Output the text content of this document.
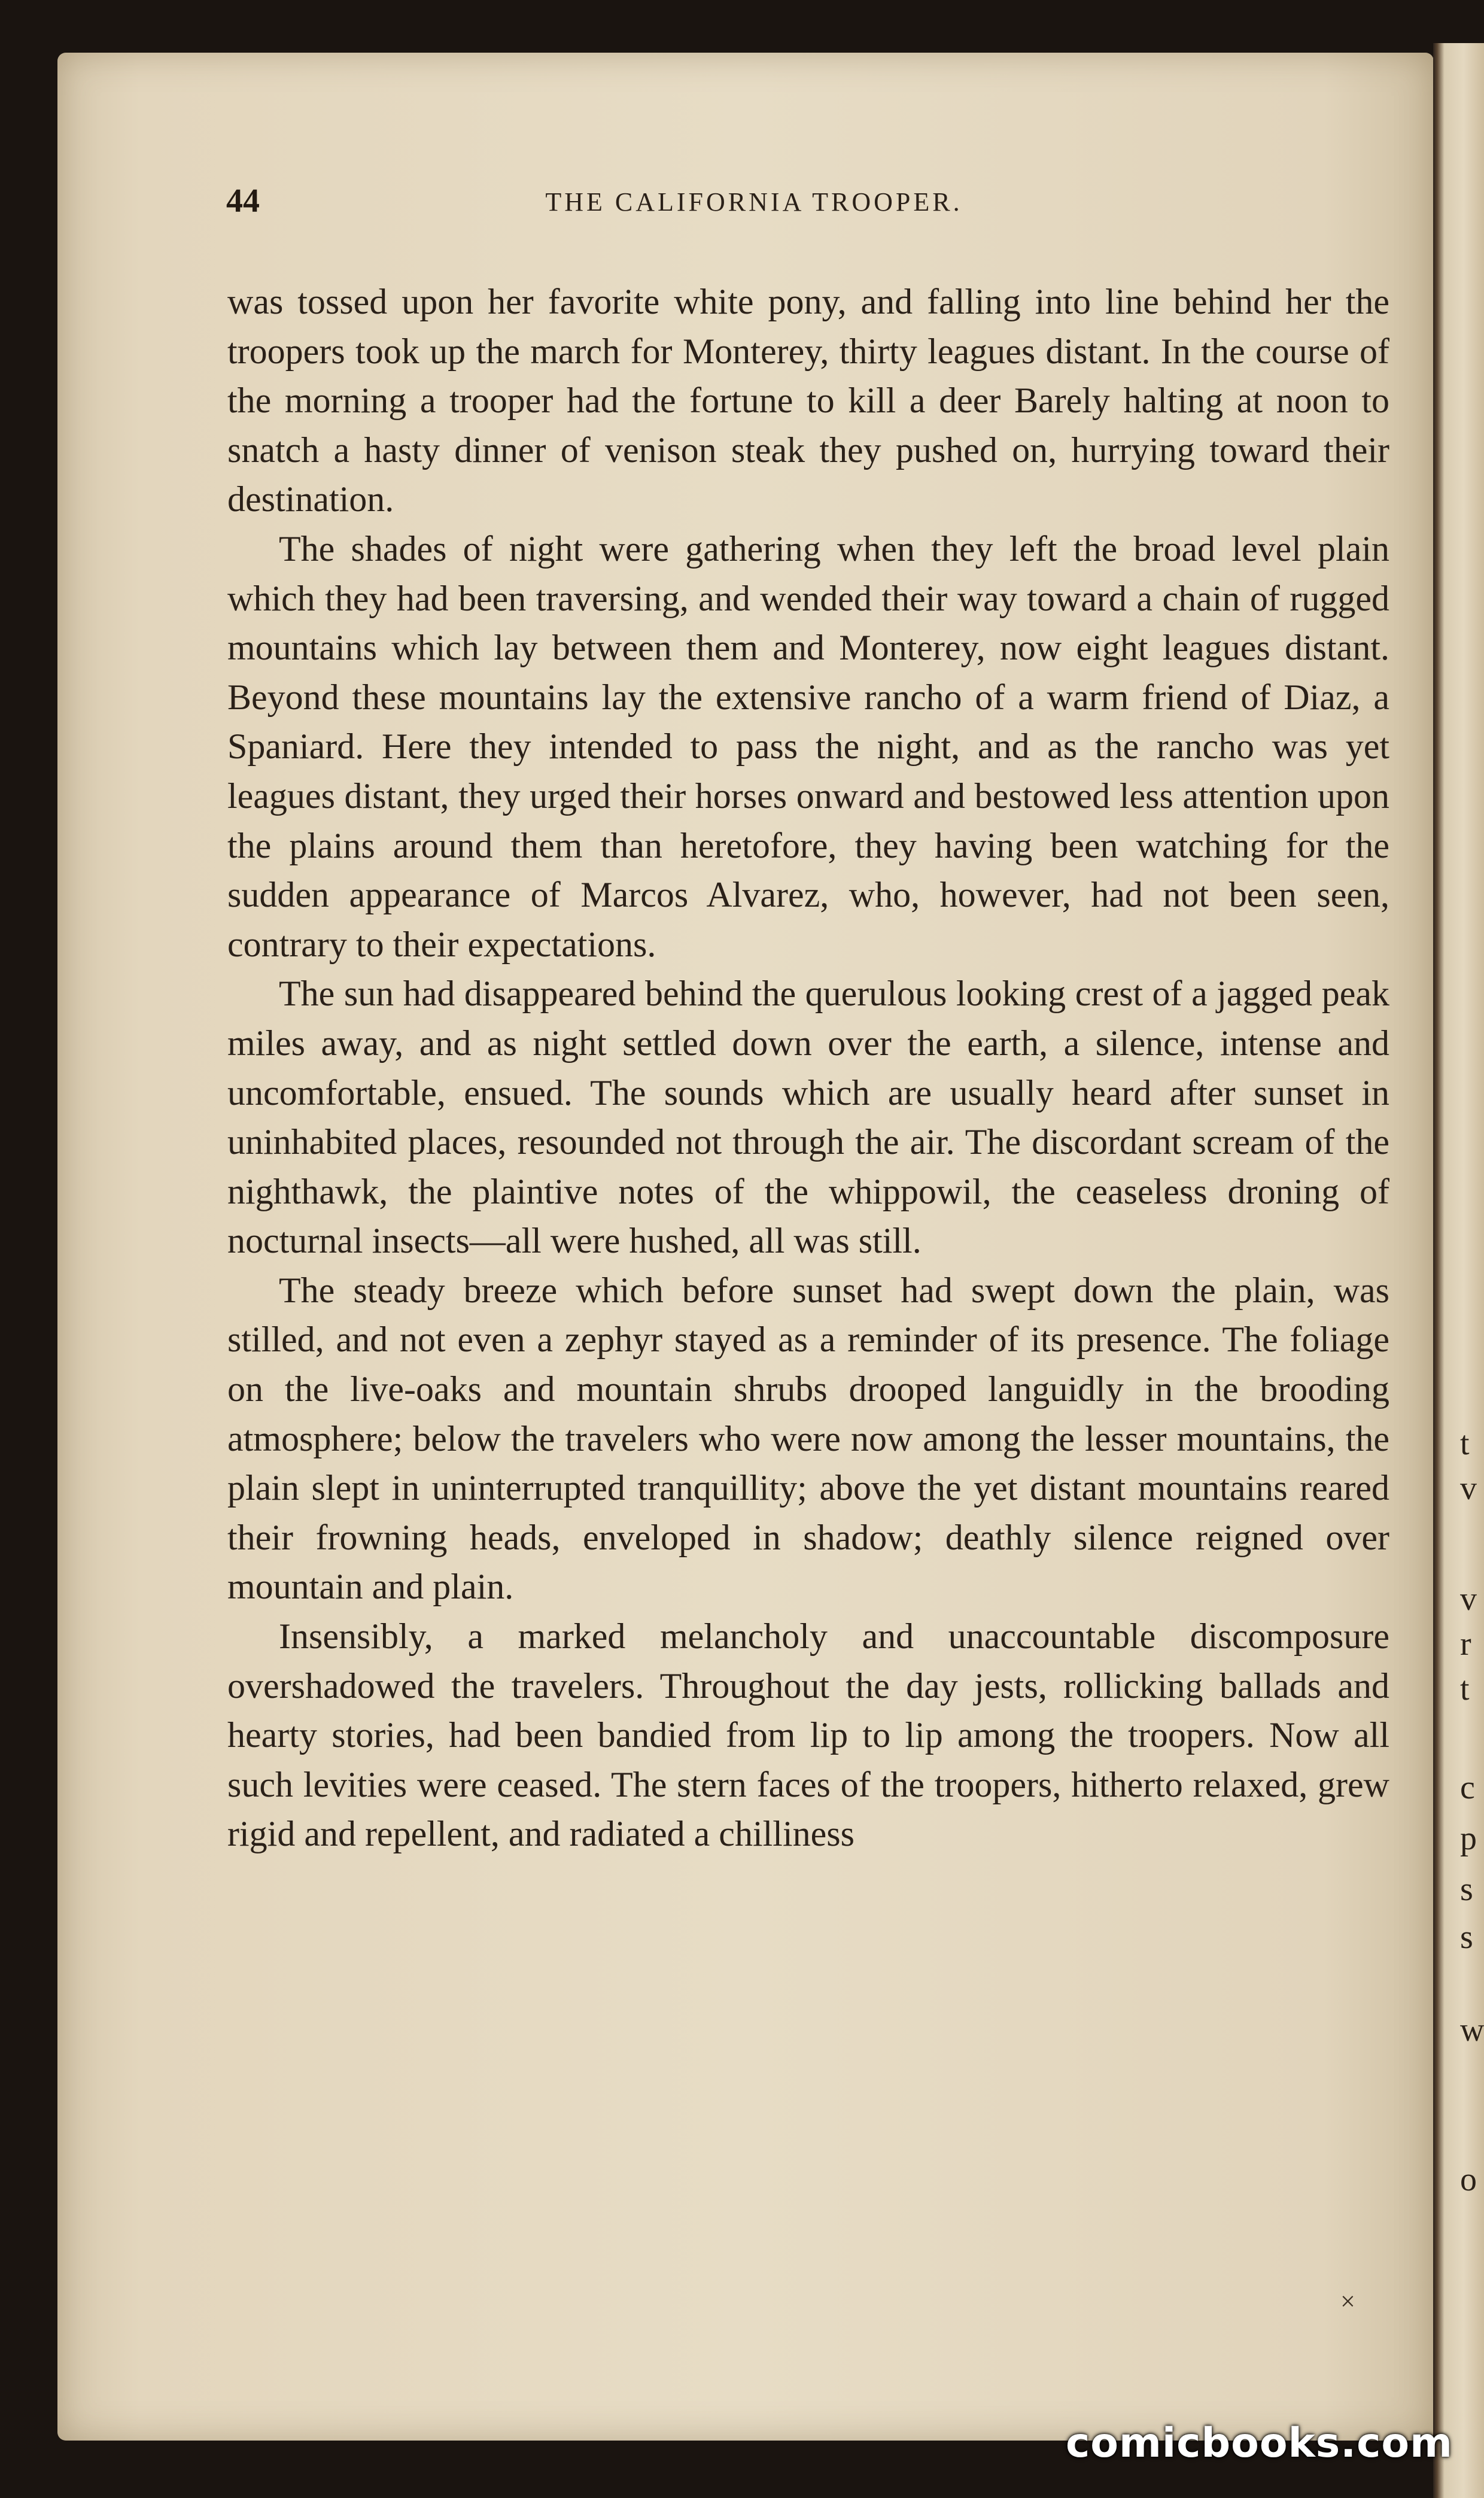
t
v
v
r
t
c
p
s
s
w
o
44	THE CALIFORNIA TROOPER.

was tossed upon her favorite white pony, and falling into line behind her the troopers took up the march for Monterey, thirty leagues distant. In the course of the morning a trooper had the fortune to kill a deer Barely halting at noon to snatch a hasty dinner of venison steak they pushed on, hurrying toward their destination.

The shades of night were gathering when they left the broad level plain which they had been traversing, and wended their way toward a chain of rugged mountains which lay between them and Monterey, now eight leagues distant. Beyond these mountains lay the extensive rancho of a warm friend of Diaz, a Spaniard. Here they intended to pass the night, and as the rancho was yet leagues distant, they urged their horses onward and bestowed less attention upon the plains around them than heretofore, they having been watching for the sudden appearance of Marcos Alvarez, who, however, had not been seen, contrary to their expectations.

The sun had disappeared behind the querulous looking crest of a jagged peak miles away, and as night settled down over the earth, a silence, intense and uncomfortable, ensued. The sounds which are usually heard after sunset in uninhabited places, resounded not through the air. The discordant scream of the nighthawk, the plaintive notes of the whippowil, the ceaseless droning of nocturnal insects—all were hushed, all was still.

The steady breeze which before sunset had swept down the plain, was stilled, and not even a zephyr stayed as a reminder of its presence. The foliage on the live-oaks and mountain shrubs drooped languidly in the brooding atmosphere; below the travelers who were now among the lesser mountains, the plain slept in uninterrupted tranquillity; above the yet distant mountains reared their frowning heads, enveloped in shadow; deathly silence reigned over mountain and plain.

Insensibly, a marked melancholy and unaccountable discomposure overshadowed the travelers. Throughout the day jests, rollicking ballads and hearty stories, had been bandied from lip to lip among the troopers. Now all such levities were ceased. The stern faces of the troopers, hitherto relaxed, grew rigid and repellent, and radiated a chilliness

×
comicbooks.com
